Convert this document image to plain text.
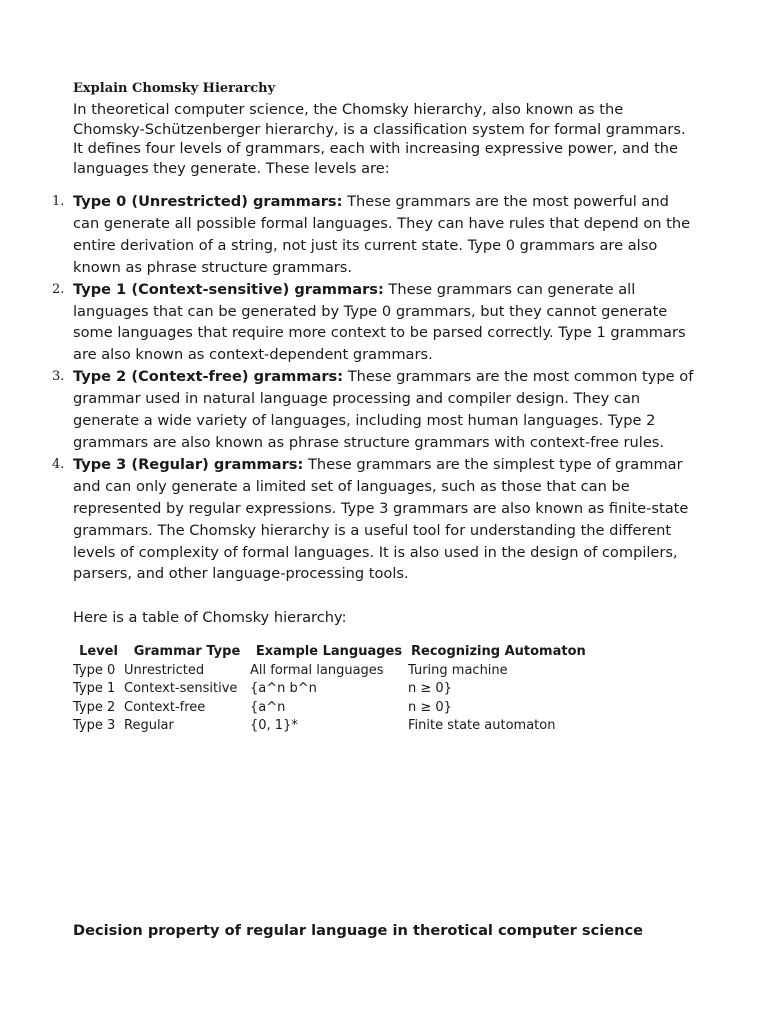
Explain Chomsky Hierarchy

In theoretical computer science, the Chomsky hierarchy, also known as the Chomsky-Schützenberger hierarchy, is a classification system for formal grammars. It defines four levels of grammars, each with increasing expressive power, and the languages they generate. These levels are:

1. Type 0 (Unrestricted) grammars: These grammars are the most powerful and can generate all possible formal languages. They can have rules that depend on the entire derivation of a string, not just its current state. Type 0 grammars are also known as phrase structure grammars.
2. Type 1 (Context-sensitive) grammars: These grammars can generate all languages that can be generated by Type 0 grammars, but they cannot generate some languages that require more context to be parsed correctly. Type 1 grammars are also known as context-dependent grammars.
3. Type 2 (Context-free) grammars: These grammars are the most common type of grammar used in natural language processing and compiler design. They can generate a wide variety of languages, including most human languages. Type 2 grammars are also known as phrase structure grammars with context-free rules.
4. Type 3 (Regular) grammars: These grammars are the simplest type of grammar and can only generate a limited set of languages, such as those that can be represented by regular expressions. Type 3 grammars are also known as finite-state grammars. The Chomsky hierarchy is a useful tool for understanding the different levels of complexity of formal languages. It is also used in the design of compilers, parsers, and other language-processing tools.

Here is a table of Chomsky hierarchy:

Level	Grammar Type	Example Languages	Recognizing Automaton
Type 0	Unrestricted	All formal languages	Turing machine
Type 1	Context-sensitive	{a^n b^n	n ≥ 0}
Type 2	Context-free	{a^n	n ≥ 0}
Type 3	Regular	{0, 1}*	Finite state automaton
Decision property of regular language in therotical computer science
